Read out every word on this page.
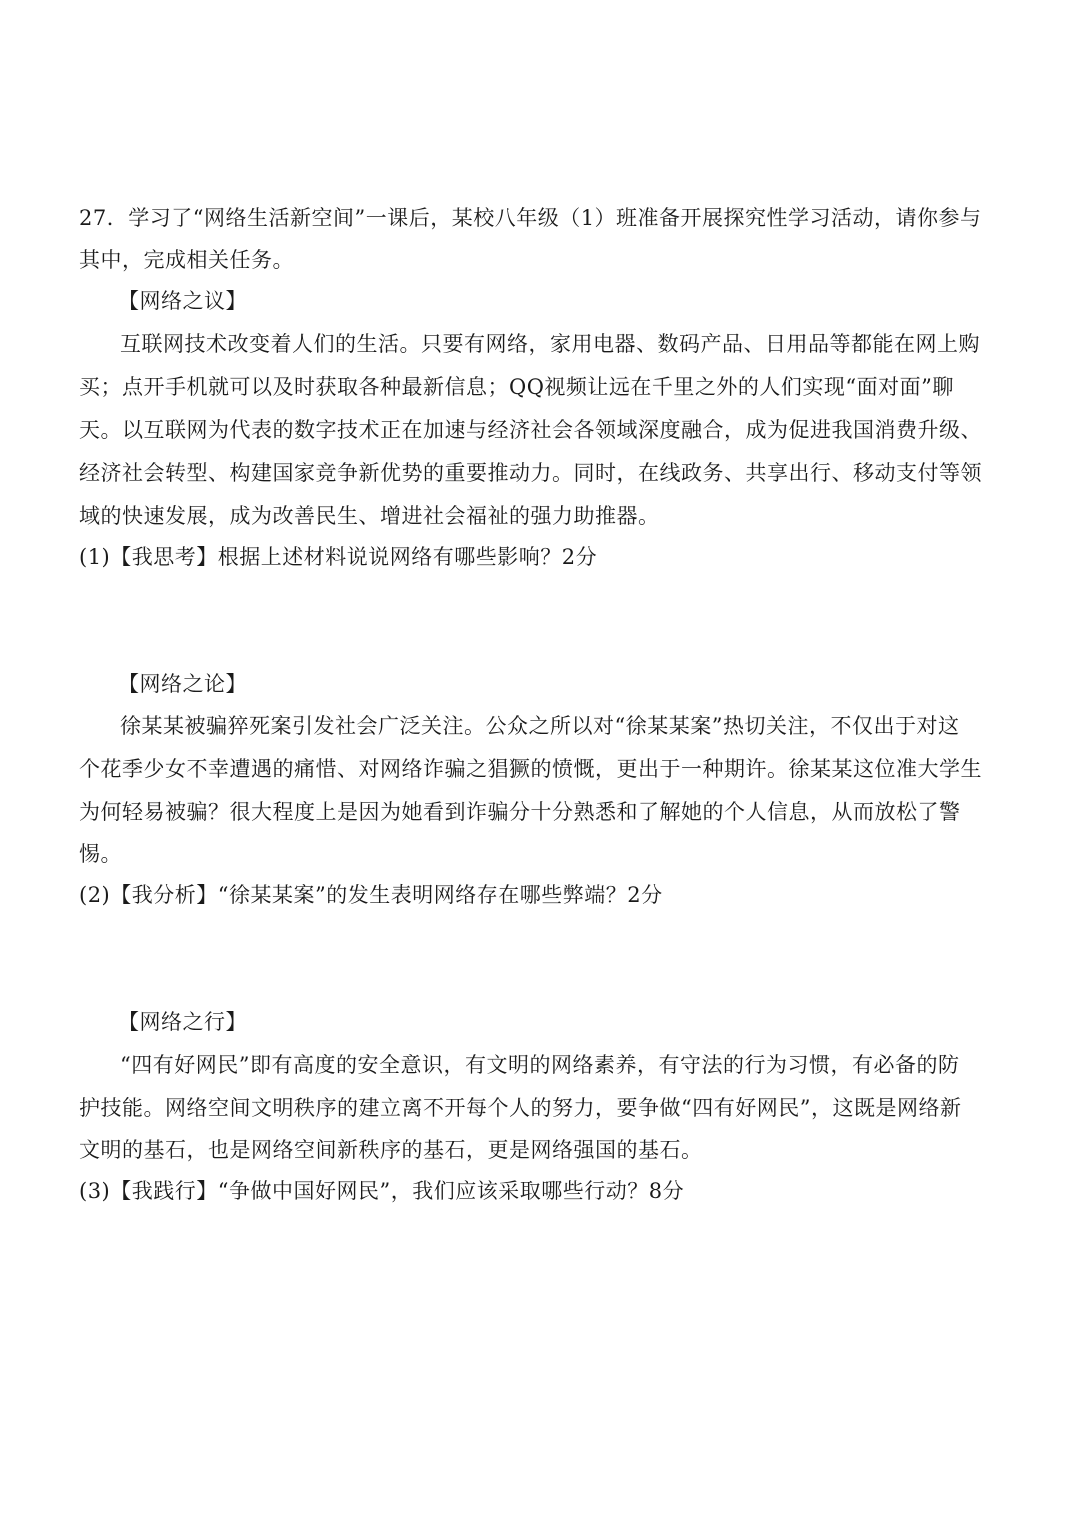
27．学习了“网络生活新空间”一课后，某校八年级（1）班准备开展探究性学习活动，请你参与
其中，完成相关任务。
【网络之议】
互联网技术改变着人们的生活。只要有网络，家用电器、数码产品、日用品等都能在网上购
买；点开手机就可以及时获取各种最新信息；QQ视频让远在千里之外的人们实现“面对面”聊
天。以互联网为代表的数字技术正在加速与经济社会各领域深度融合，成为促进我国消费升级、
经济社会转型、构建国家竞争新优势的重要推动力。同时，在线政务、共享出行、移动支付等领
域的快速发展，成为改善民生、增进社会福祉的强力助推器。
(1)【我思考】根据上述材料说说网络有哪些影响？2分
【网络之论】
徐某某被骗猝死案引发社会广泛关注。公众之所以对“徐某某案”热切关注，不仅出于对这
个花季少女不幸遭遇的痛惜、对网络诈骗之猖獗的愤慨，更出于一种期许。徐某某这位准大学生
为何轻易被骗？很大程度上是因为她看到诈骗分十分熟悉和了解她的个人信息，从而放松了警
惕。
(2)【我分析】“徐某某案”的发生表明网络存在哪些弊端？2分
【网络之行】
“四有好网民”即有高度的安全意识，有文明的网络素养，有守法的行为习惯，有必备的防
护技能。网络空间文明秩序的建立离不开每个人的努力，要争做“四有好网民”，这既是网络新
文明的基石，也是网络空间新秩序的基石，更是网络强国的基石。
(3)【我践行】“争做中国好网民”，我们应该采取哪些行动？8分
